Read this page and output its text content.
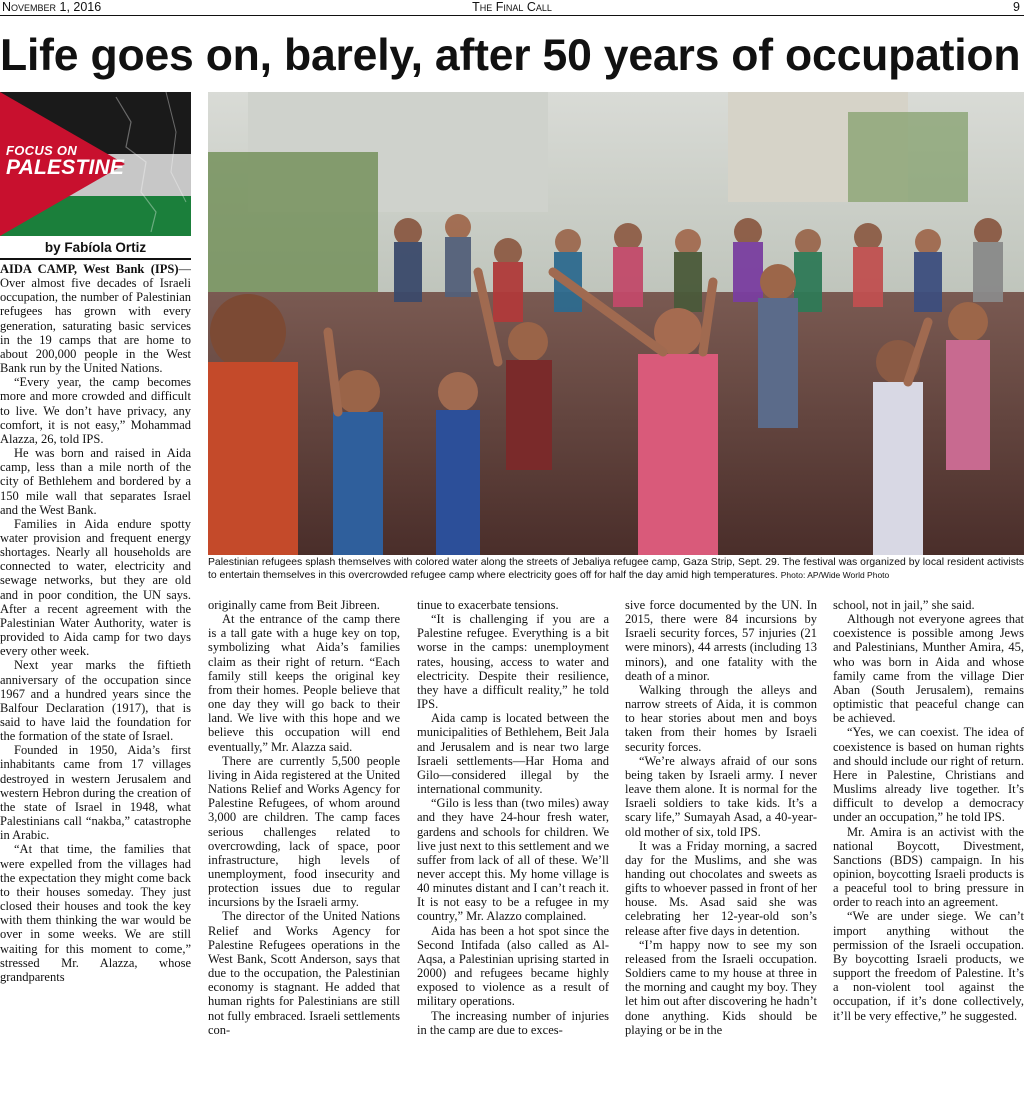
November 1, 2016	The Final Call	9
Life goes on, barely, after 50 years of occupation
FOCUS ON
PALESTINE
by Fabíola Ortiz
Palestinian refugees splash themselves with colored water along the streets of Jebaliya refugee camp, Gaza Strip, Sept. 29. The festival was organized by local resident activists to entertain themselves in this overcrowded refugee camp where electricity goes off for half the day amid high temperatures. Photo: AP/Wide World Photo

AIDA CAMP, West Bank (IPS)—Over almost five decades of Israeli occupation, the number of Palestinian refugees has grown with every generation, saturating basic services in the 19 camps that are home to about 200,000 people in the West Bank run by the United Nations.

“Every year, the camp becomes more and more crowded and difficult to live. We don’t have privacy, any comfort, it is not easy,” Mohammad Alazza, 26, told IPS.

He was born and raised in Aida camp, less than a mile north of the city of Bethlehem and bordered by a 150 mile wall that separates Israel and the West Bank.

Families in Aida endure spotty water provision and frequent energy shortages. Nearly all households are connected to water, electricity and sewage networks, but they are old and in poor condition, the UN says. After a recent agreement with the Palestinian Water Authority, water is provided to Aida camp for two days every other week.

Next year marks the fiftieth anniversary of the occupation since 1967 and a hundred years since the Balfour Declaration (1917), that is said to have laid the foundation for the formation of the state of Israel.

Founded in 1950, Aida’s first inhabitants came from 17 villages destroyed in western Jerusalem and western Hebron during the creation of the state of Israel in 1948, what Palestinians call “nakba,” catastrophe in Arabic.

“At that time, the families that were expelled from the villages had the expectation they might come back to their houses someday. They just closed their houses and took the key with them thinking the war would be over in some weeks. We are still waiting for this moment to come,” stressed Mr. Alazza, whose grandparents

originally came from Beit Jibreen.

At the entrance of the camp there is a tall gate with a huge key on top, symbolizing what Aida’s families claim as their right of return. “Each family still keeps the original key from their homes. People believe that one day they will go back to their land. We live with this hope and we believe this occupation will end eventually,” Mr. Alazza said.

There are currently 5,500 people living in Aida registered at the United Nations Relief and Works Agency for Palestine Refugees, of whom around 3,000 are children. The camp faces serious challenges related to overcrowding, lack of space, poor infrastructure, high levels of unemployment, food insecurity and protection issues due to regular incursions by the Israeli army.

The director of the United Nations Relief and Works Agency for Palestine Refugees operations in the West Bank, Scott Anderson, says that due to the occupation, the Palestinian economy is stagnant. He added that human rights for Palestinians are still not fully embraced. Israeli settlements con-

tinue to exacerbate tensions.

“It is challenging if you are a Palestine refugee. Everything is a bit worse in the camps: unemployment rates, housing, access to water and electricity. Despite their resilience, they have a difficult reality,” he told IPS.

Aida camp is located between the municipalities of Bethlehem, Beit Jala and Jerusalem and is near two large Israeli settlements—Har Homa and Gilo—considered illegal by the international community.

“Gilo is less than (two miles) away and they have 24-hour fresh water, gardens and schools for children. We live just next to this settlement and we suffer from lack of all of these. We’ll never accept this. My home village is 40 minutes distant and I can’t reach it. It is not easy to be a refugee in my country,” Mr. Alazzo complained.

Aida has been a hot spot since the Second Intifada (also called as Al-Aqsa, a Palestinian uprising started in 2000) and refugees became highly exposed to violence as a result of military operations.

The increasing number of injuries in the camp are due to exces-

sive force documented by the UN. In 2015, there were 84 incursions by Israeli security forces, 57 injuries (21 were minors), 44 arrests (including 13 minors), and one fatality with the death of a minor.

Walking through the alleys and narrow streets of Aida, it is common to hear stories about men and boys taken from their homes by Israeli security forces.

“We’re always afraid of our sons being taken by Israeli army. I never leave them alone. It is normal for the Israeli soldiers to take kids. It’s a scary life,” Sumayah Asad, a 40-year-old mother of six, told IPS.

It was a Friday morning, a sacred day for the Muslims, and she was handing out chocolates and sweets as gifts to whoever passed in front of her house. Ms. Asad said she was celebrating her 12-year-old son’s release after five days in detention.

“I’m happy now to see my son released from the Israeli occupation. Soldiers came to my house at three in the morning and caught my boy. They let him out after discovering he hadn’t done anything. Kids should be playing or be in the

school, not in jail,” she said.

Although not everyone agrees that coexistence is possible among Jews and Palestinians, Munther Amira, 45, who was born in Aida and whose family came from the village Dier Aban (South Jerusalem), remains optimistic that peaceful change can be achieved.

“Yes, we can coexist. The idea of coexistence is based on human rights and should include our right of return. Here in Palestine, Christians and Muslims already live together. It’s difficult to develop a democracy under an occupation,” he told IPS.

Mr. Amira is an activist with the national Boycott, Divestment, Sanctions (BDS) campaign. In his opinion, boycotting Israeli products is a peaceful tool to bring pressure in order to reach into an agreement.

“We are under siege. We can’t import anything without the permission of the Israeli occupation. By boycotting Israeli products, we support the freedom of Palestine. It’s a non-violent tool against the occupation, if it’s done collectively, it’ll be very effective,” he suggested.
